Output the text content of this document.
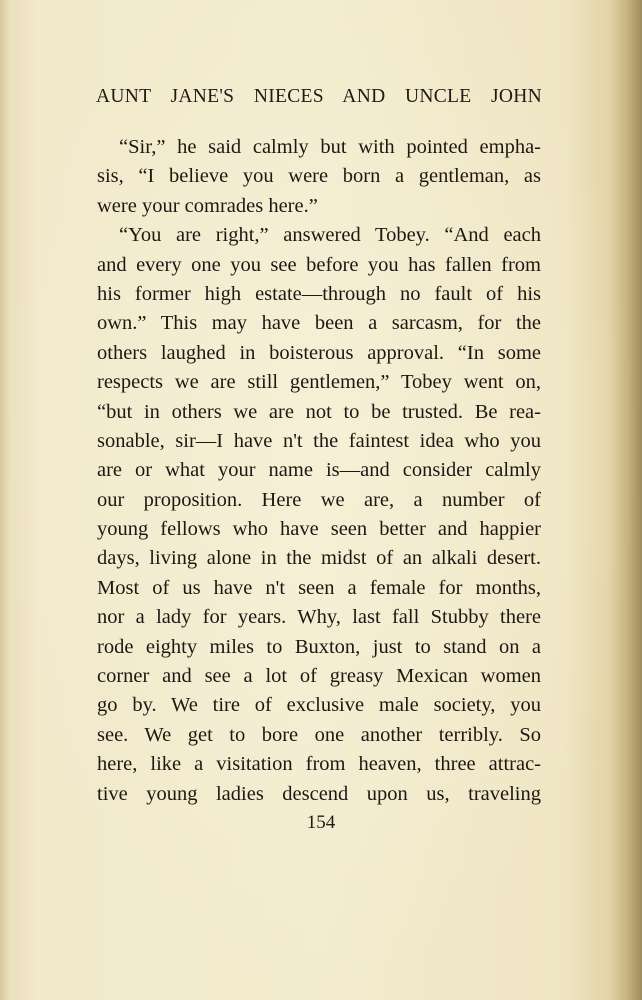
AUNT JANE'S NIECES AND UNCLE JOHN
“Sir,” he said calmly but with pointed empha-
sis, “I believe you were born a gentleman, as
were your comrades here.”
“You are right,” answered Tobey. “And each
and every one you see before you has fallen from
his former high estate—through no fault of his
own.” This may have been a sarcasm, for the
others laughed in boisterous approval. “In some
respects we are still gentlemen,” Tobey went on,
“but in others we are not to be trusted. Be rea-
sonable, sir—I have n't the faintest idea who you
are or what your name is—and consider calmly
our proposition. Here we are, a number of
young fellows who have seen better and happier
days, living alone in the midst of an alkali desert.
Most of us have n't seen a female for months,
nor a lady for years. Why, last fall Stubby there
rode eighty miles to Buxton, just to stand on a
corner and see a lot of greasy Mexican women
go by. We tire of exclusive male society, you
see. We get to bore one another terribly. So
here, like a visitation from heaven, three attrac-
tive young ladies descend upon us, traveling
154
